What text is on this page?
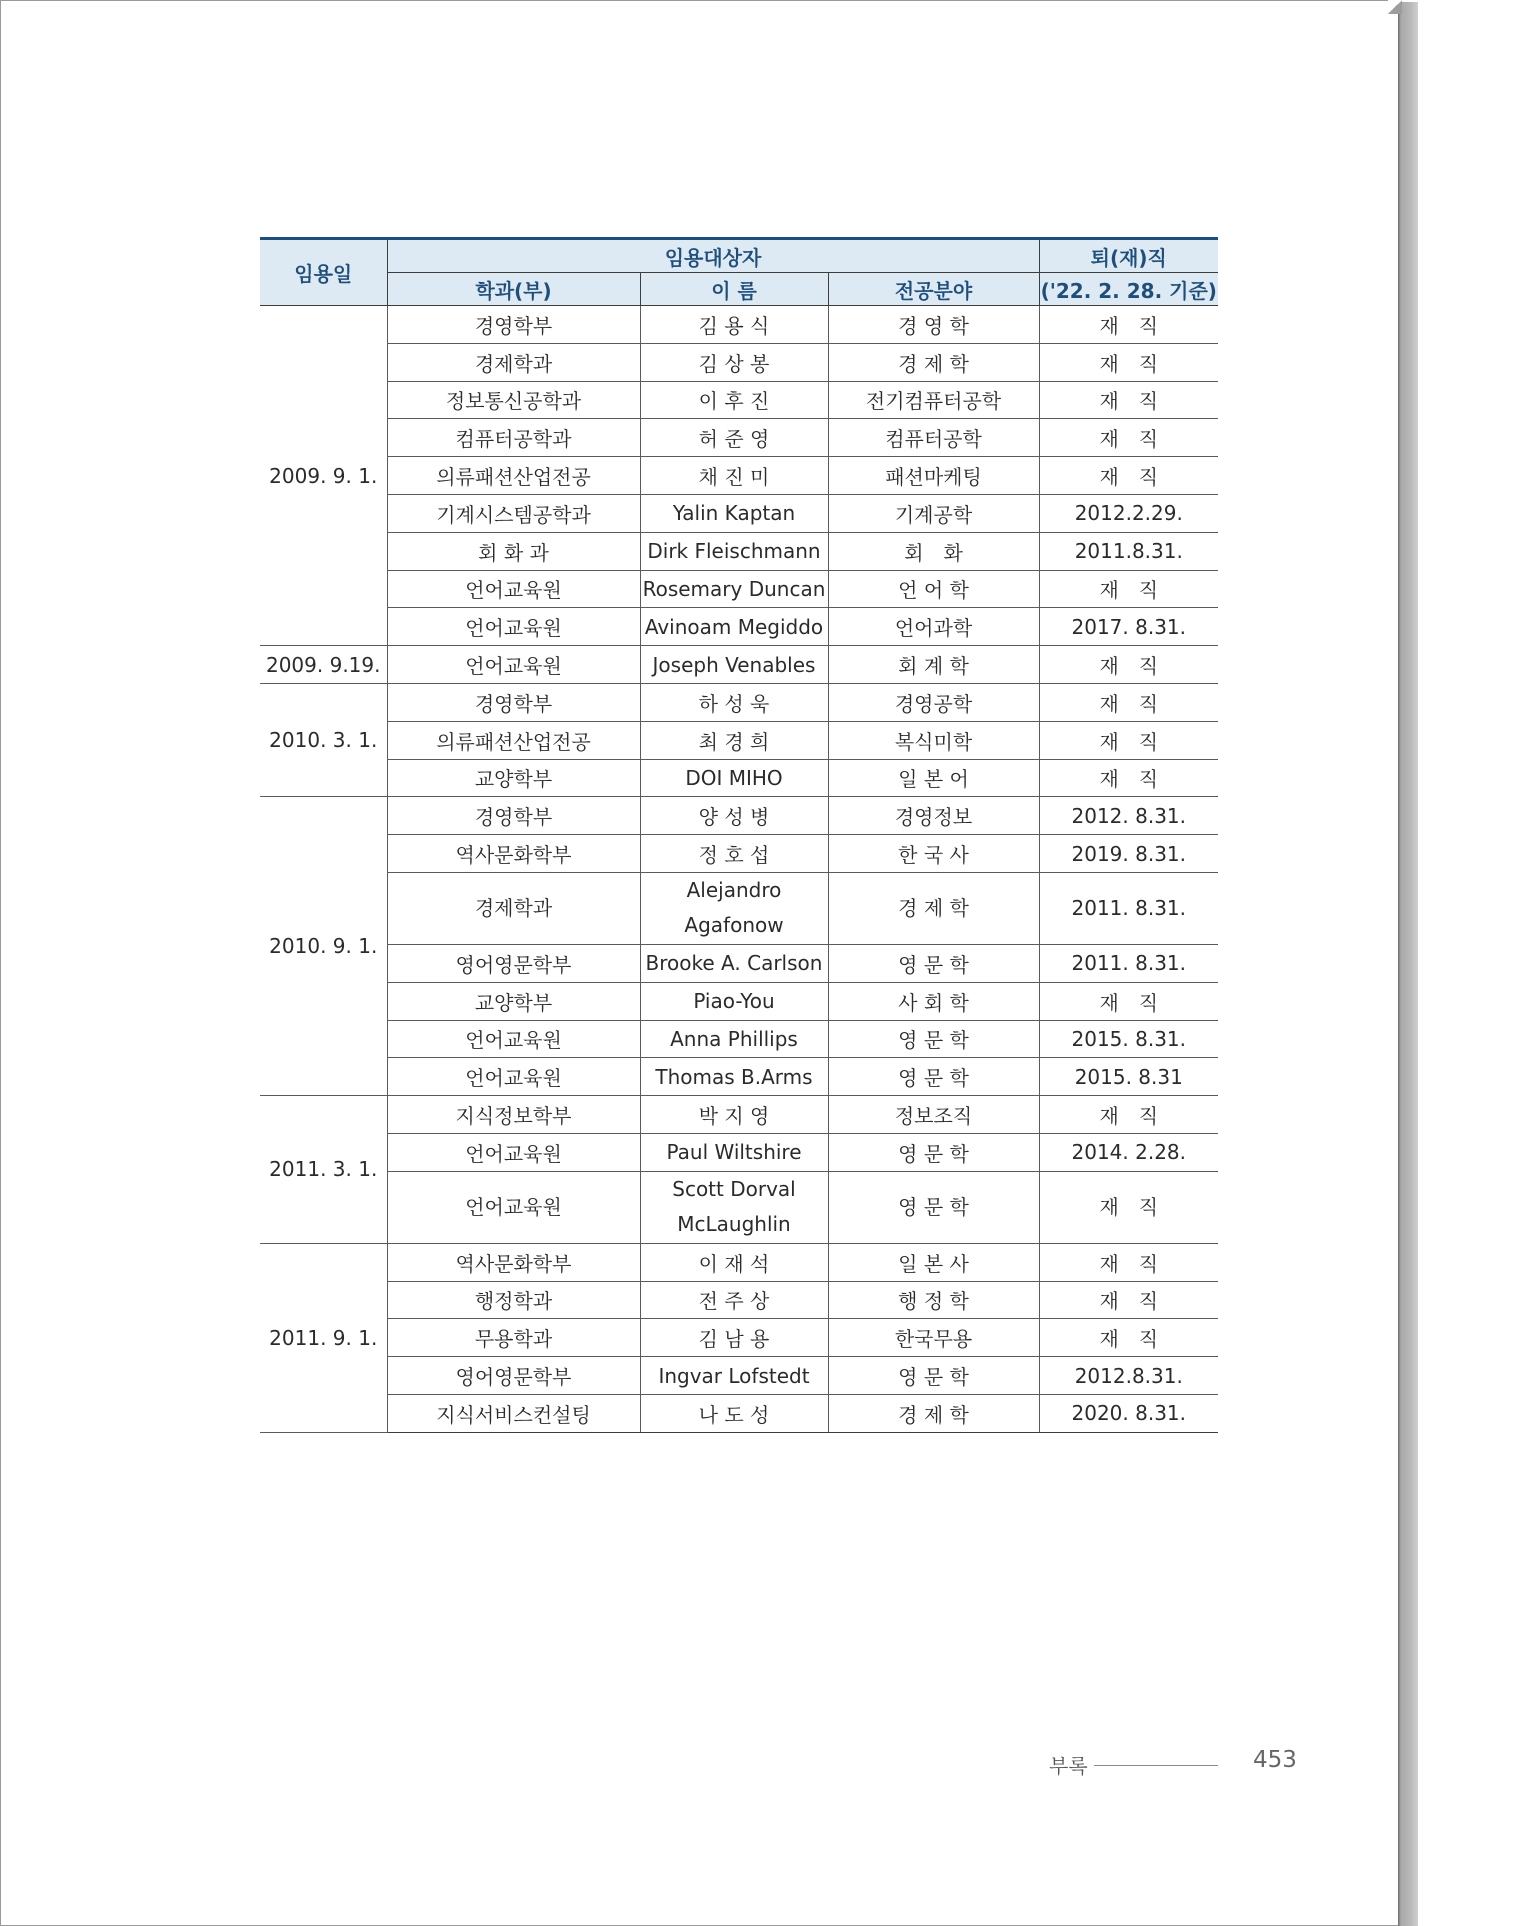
임용일	임용대상자			퇴(재)직
	학과(부)	이 름	전공분야	('22. 2. 28. 기준)
2009. 9. 1.	경영학부	김 용 식	경 영 학	재　직
	경제학과	김 상 봉	경 제 학	재　직
	정보통신공학과	이 후 진	전기컴퓨터공학	재　직
	컴퓨터공학과	허 준 영	컴퓨터공학	재　직
	의류패션산업전공	채 진 미	패션마케팅	재　직
	기계시스템공학과	Yalin Kaptan	기계공학	2012.2.29.
	회 화 과	Dirk Fleischmann	회　화	2011.8.31.
	언어교육원	Rosemary Duncan	언 어 학	재　직
	언어교육원	Avinoam Megiddo	언어과학	2017. 8.31.
2009. 9.19.	언어교육원	Joseph Venables	회 계 학	재　직
2010. 3. 1.	경영학부	하 성 욱	경영공학	재　직
	의류패션산업전공	최 경 희	복식미학	재　직
	교양학부	DOI MIHO	일 본 어	재　직
2010. 9. 1.	경영학부	양 성 병	경영정보	2012. 8.31.
	역사문화학부	정 호 섭	한 국 사	2019. 8.31.
	경제학과	Alejandro
Agafonow	경 제 학	2011. 8.31.
	영어영문학부	Brooke A. Carlson	영 문 학	2011. 8.31.
	교양학부	Piao-You	사 회 학	재　직
	언어교육원	Anna Phillips	영 문 학	2015. 8.31.
	언어교육원	Thomas B.Arms	영 문 학	2015. 8.31
2011. 3. 1.	지식정보학부	박 지 영	정보조직	재　직
	언어교육원	Paul Wiltshire	영 문 학	2014. 2.28.
	언어교육원	Scott Dorval
McLaughlin	영 문 학	재　직
2011. 9. 1.	역사문화학부	이 재 석	일 본 사	재　직
	행정학과	전 주 상	행 정 학	재　직
	무용학과	김 남 용	한국무용	재　직
	영어영문학부	Ingvar Lofstedt	영 문 학	2012.8.31.
	지식서비스컨설팅	나 도 성	경 제 학	2020. 8.31.
부록	453
